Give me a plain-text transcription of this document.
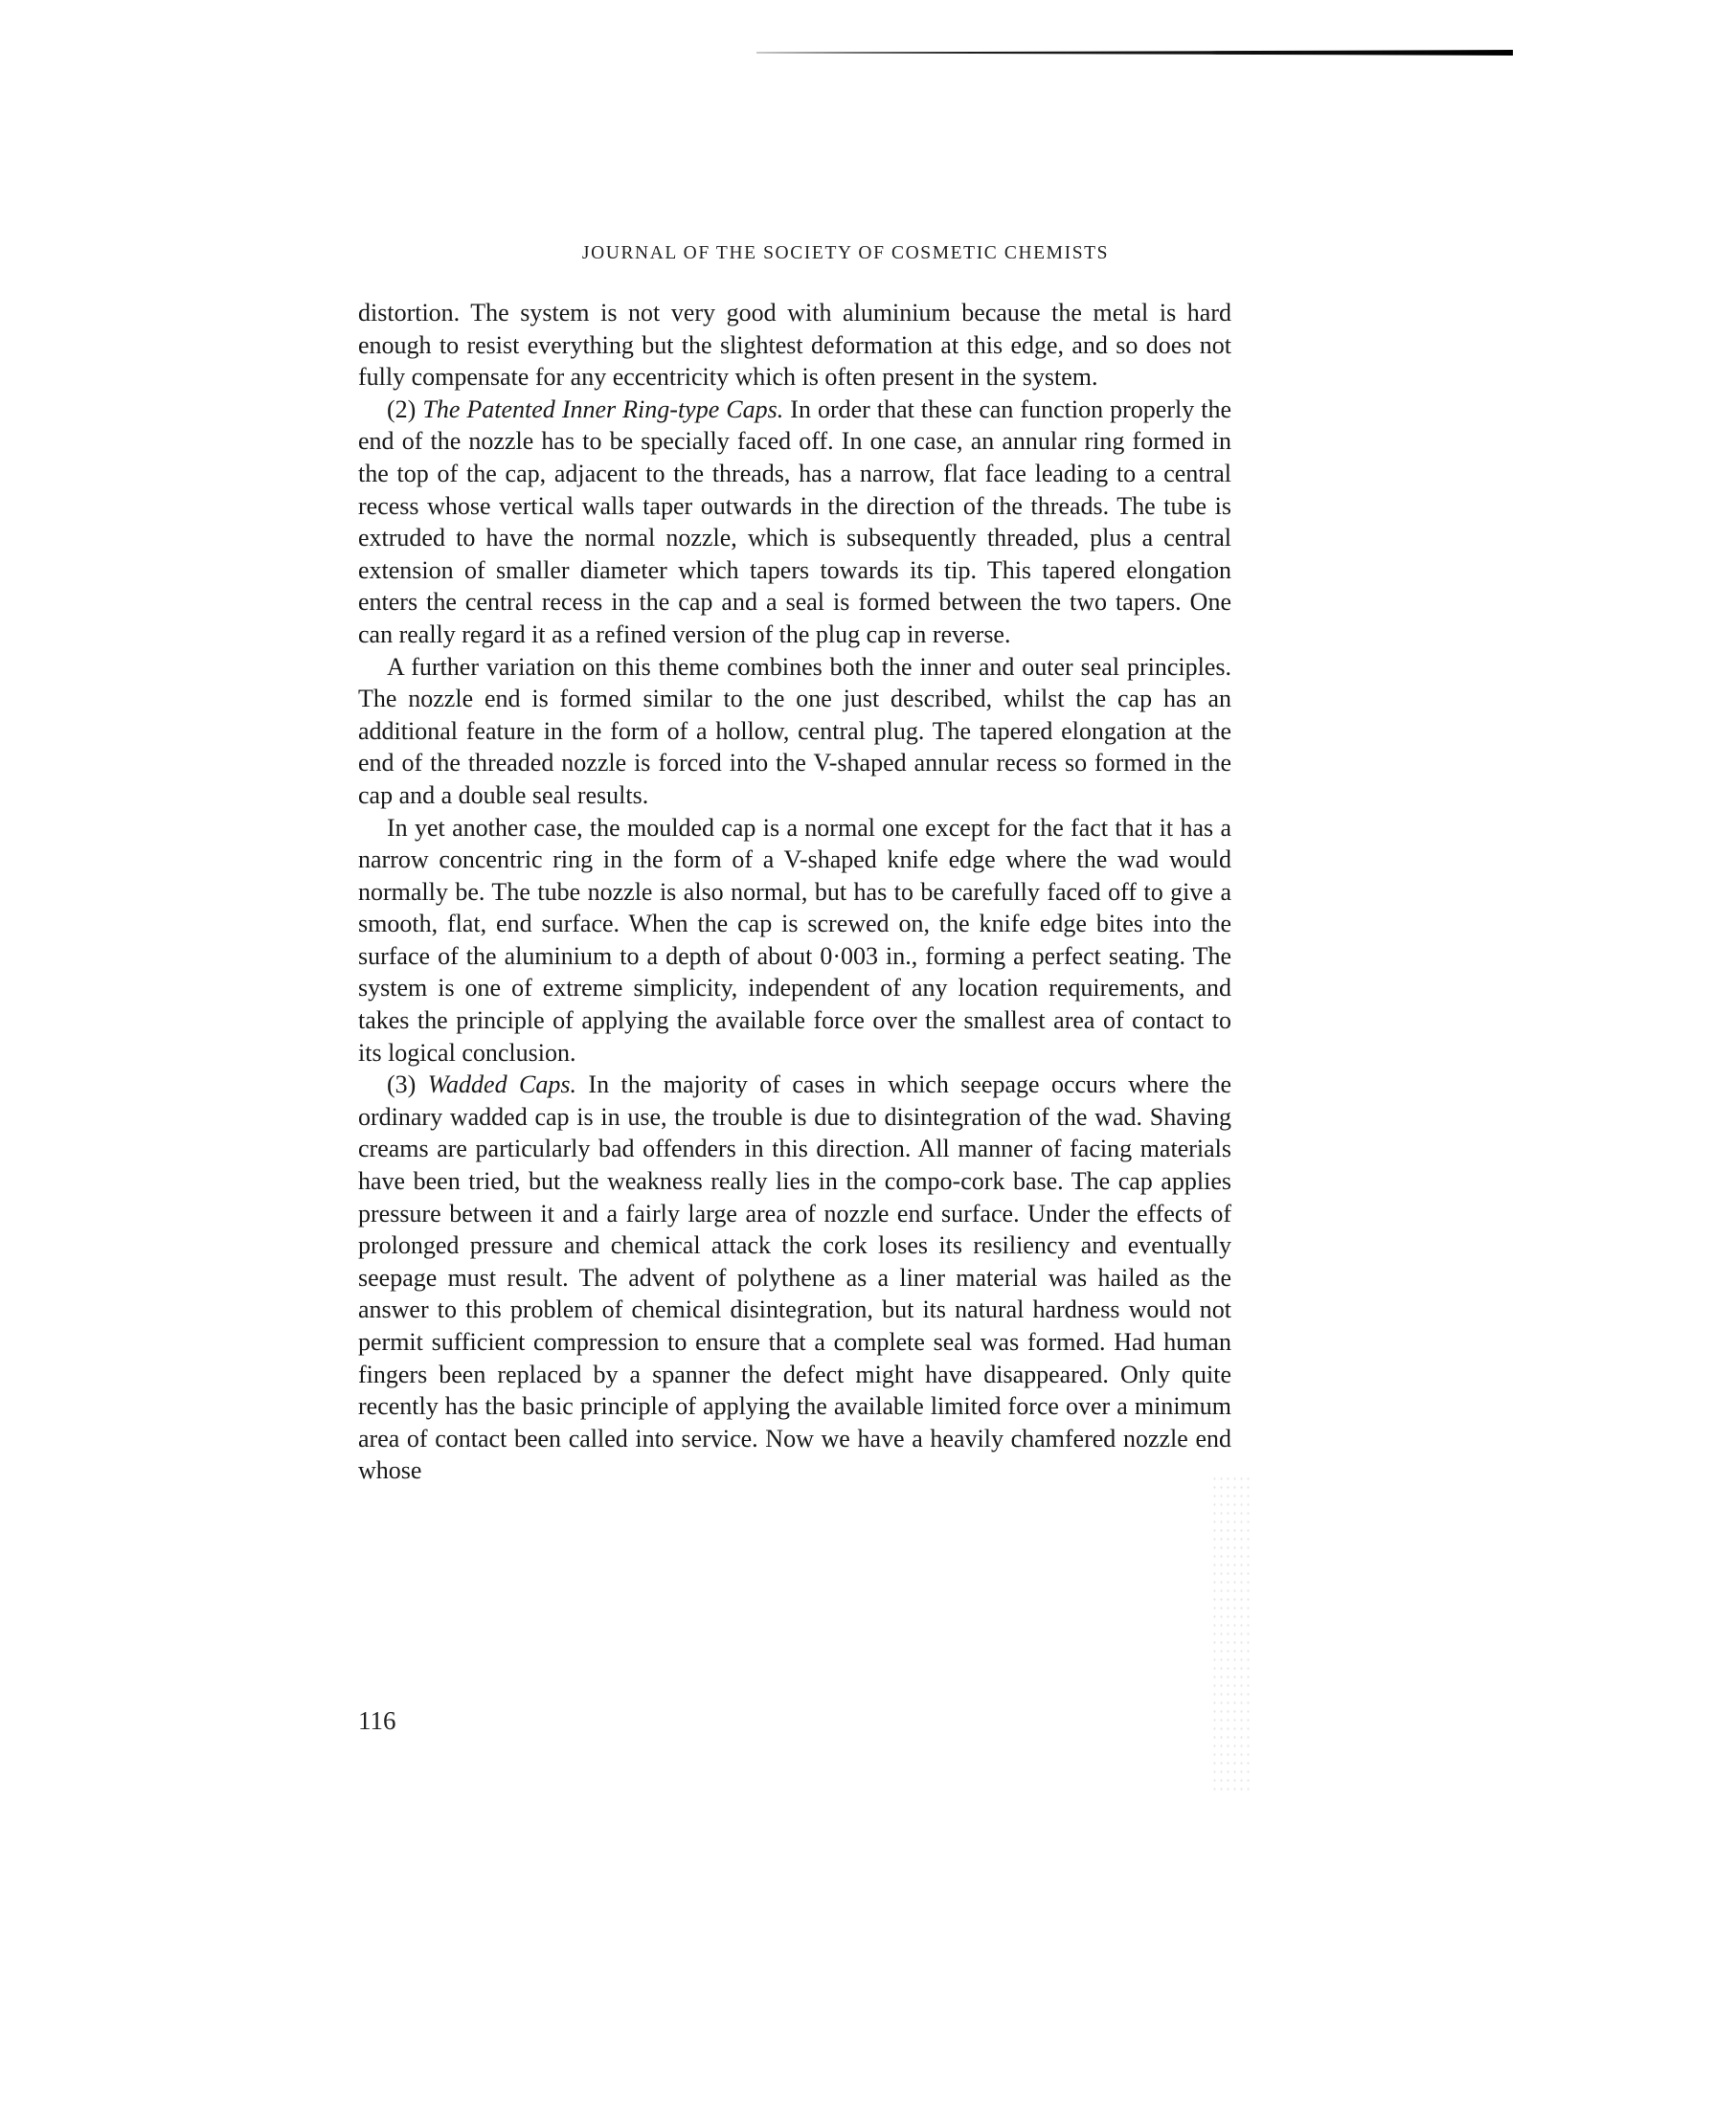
JOURNAL OF THE SOCIETY OF COSMETIC CHEMISTS

distortion. The system is not very good with aluminium because the metal is hard enough to resist everything but the slightest deformation at this edge, and so does not fully compensate for any eccentricity which is often present in the system.

(2) The Patented Inner Ring-type Caps. In order that these can function properly the end of the nozzle has to be specially faced off. In one case, an annular ring formed in the top of the cap, adjacent to the threads, has a narrow, flat face leading to a central recess whose vertical walls taper outwards in the direction of the threads. The tube is extruded to have the normal nozzle, which is subsequently threaded, plus a central extension of smaller diameter which tapers towards its tip. This tapered elongation enters the central recess in the cap and a seal is formed between the two tapers. One can really regard it as a refined version of the plug cap in reverse.

A further variation on this theme combines both the inner and outer seal principles. The nozzle end is formed similar to the one just described, whilst the cap has an additional feature in the form of a hollow, central plug. The tapered elongation at the end of the threaded nozzle is forced into the V-shaped annular recess so formed in the cap and a double seal results.

In yet another case, the moulded cap is a normal one except for the fact that it has a narrow concentric ring in the form of a V-shaped knife edge where the wad would normally be. The tube nozzle is also normal, but has to be carefully faced off to give a smooth, flat, end surface. When the cap is screwed on, the knife edge bites into the surface of the aluminium to a depth of about 0·003 in., forming a perfect seating. The system is one of extreme simplicity, independent of any location requirements, and takes the principle of applying the available force over the smallest area of contact to its logical conclusion.

(3) Wadded Caps. In the majority of cases in which seepage occurs where the ordinary wadded cap is in use, the trouble is due to disintegration of the wad. Shaving creams are particularly bad offenders in this direction. All manner of facing materials have been tried, but the weakness really lies in the compo-cork base. The cap applies pressure between it and a fairly large area of nozzle end surface. Under the effects of prolonged pressure and chemical attack the cork loses its resiliency and eventually seepage must result. The advent of polythene as a liner material was hailed as the answer to this problem of chemical disintegration, but its natural hardness would not permit sufficient compression to ensure that a complete seal was formed. Had human fingers been replaced by a spanner the defect might have disappeared. Only quite recently has the basic principle of applying the available limited force over a minimum area of contact been called into service. Now we have a heavily chamfered nozzle end whose

116
